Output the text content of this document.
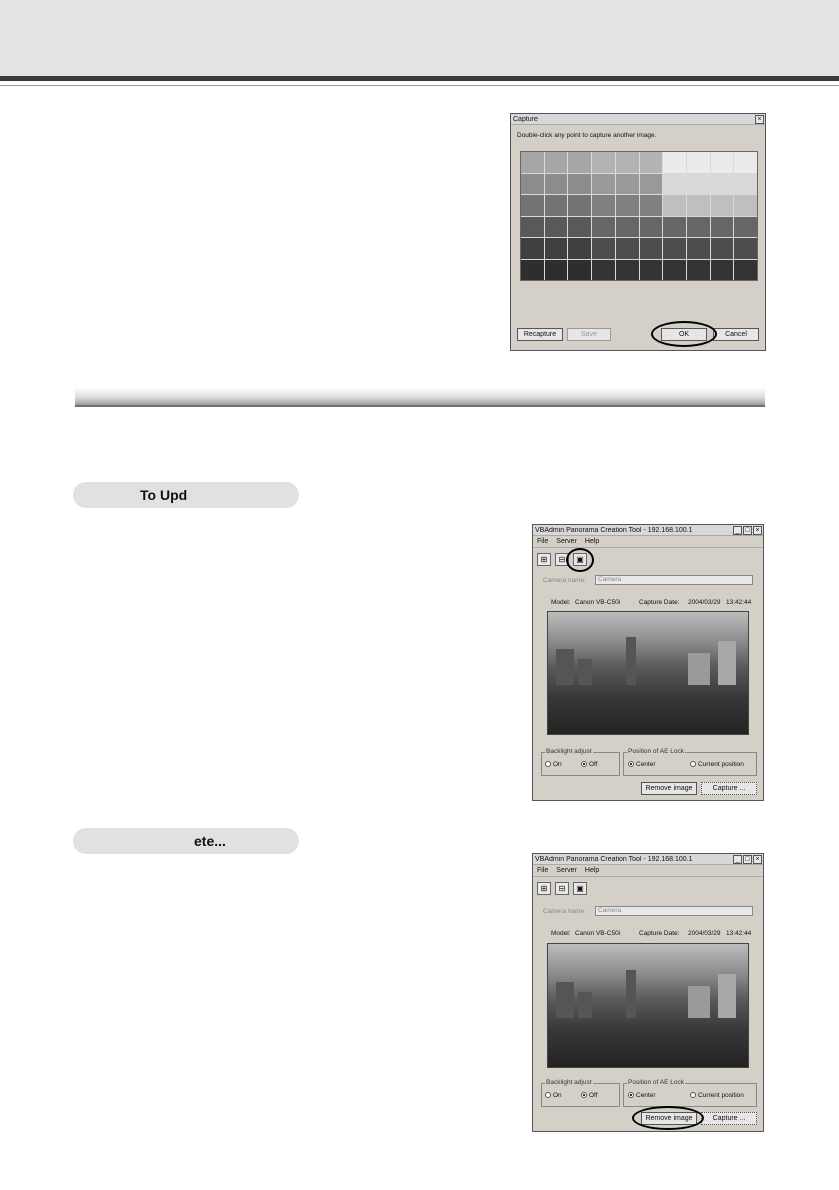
Capture	×
Double-click any point to capture another image.
Recapture	Save	OK	Cancel
To Upd
VBAdmin Panorama Creation Tool - 192.168.100.1	_ □ ×
File Server Help
⊞	⊟	▣
Camera name:	Camera
Model: Canon VB-C50i	Capture Date: 2004/03/29 13:42:44
Backlight adjust
On	Off
Position of AE Lock
Center	Current position
Remove image	Capture ...
ete...
VBAdmin Panorama Creation Tool - 192.168.100.1	_ □ ×
File Server Help
⊞	⊟	▣
Camera name:	Camera
Model: Canon VB-C50i	Capture Date: 2004/03/29 13:42:44
Backlight adjust
On	Off
Position of AE Lock
Center	Current position
Remove image	Capture ...
